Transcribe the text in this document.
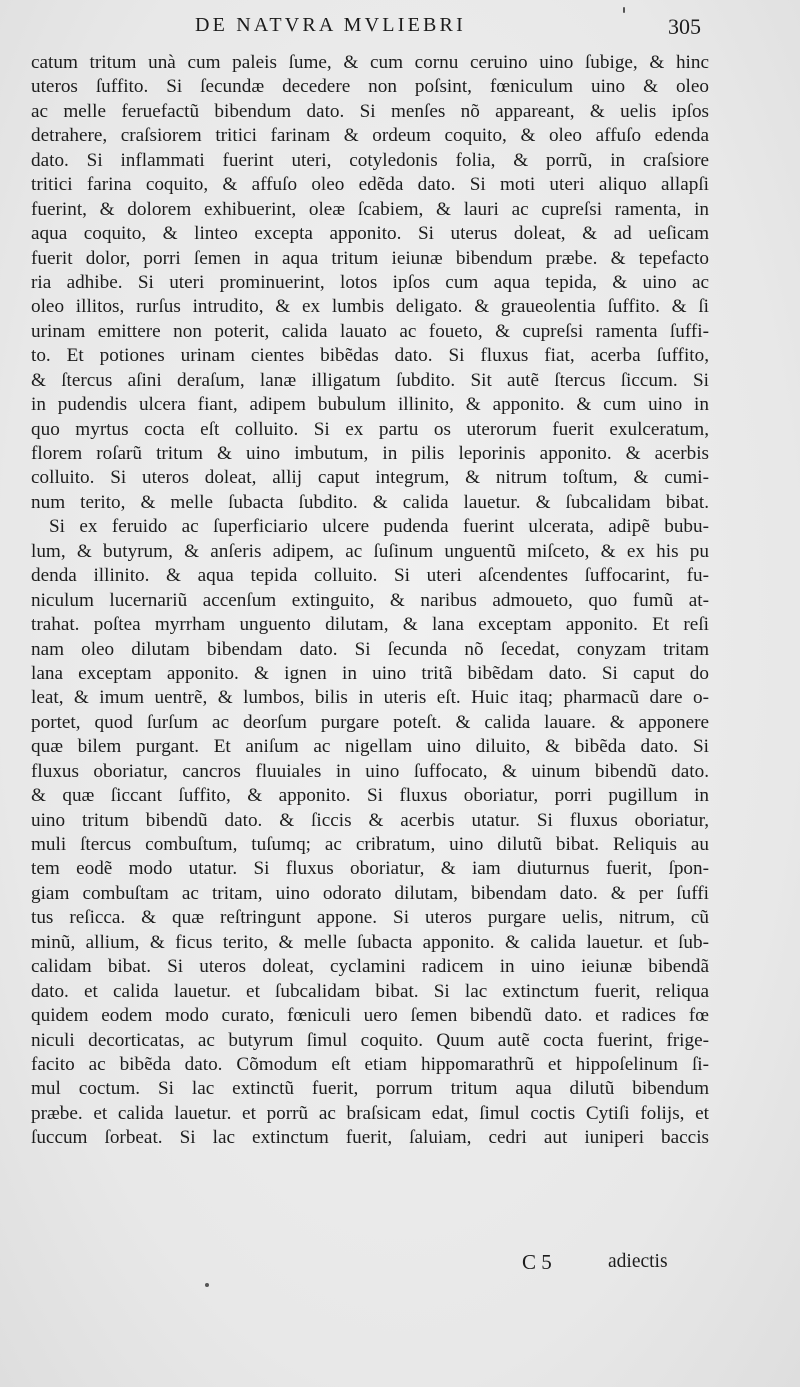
DE NATVRA MVLIEBRI	305
catum tritum unà cum paleis ſume, & cum cornu ceruino uino ſubige, & hinc
uteros ſuffito. Si ſecundæ decedere non poſsint, fœniculum uino & oleo
ac melle feruefactũ bibendum dato. Si menſes nõ appareant, & uelis ipſos
detrahere, craſsiorem tritici farinam & ordeum coquito, & oleo affuſo edenda
dato. Si inflammati fuerint uteri, cotyledonis folia, & porrũ, in craſsiore
tritici farina coquito, & affuſo oleo edẽda dato. Si moti uteri aliquo allapſi
fuerint, & dolorem exhibuerint, oleæ ſcabiem, & lauri ac cupreſsi ramenta, in
aqua coquito, & linteo excepta apponito. Si uterus doleat, & ad ueſicam
fuerit dolor, porri ſemen in aqua tritum ieiunæ bibendum præbe. & tepefacto
ria adhibe. Si uteri prominuerint, lotos ipſos cum aqua tepida, & uino ac
oleo illitos, rurſus intrudito, & ex lumbis deligato. & graueolentia ſuffito. & ſi
urinam emittere non poterit, calida lauato ac foueto, & cupreſsi ramenta ſuffi-
to. Et potiones urinam cientes bibẽdas dato. Si fluxus fiat, acerba ſuffito,
& ſtercus aſini deraſum, lanæ illigatum ſubdito. Sit autẽ ſtercus ſiccum. Si
in pudendis ulcera fiant, adipem bubulum illinito, & apponito. & cum uino in
quo myrtus cocta eſt colluito. Si ex partu os uterorum fuerit exulceratum,
florem roſarũ tritum & uino imbutum, in pilis leporinis apponito. & acerbis
colluito. Si uteros doleat, allij caput integrum, & nitrum toſtum, & cumi-
num terito, & melle ſubacta ſubdito. & calida lauetur. & ſubcalidam bibat.
Si ex feruido ac ſuperficiario ulcere pudenda fuerint ulcerata, adipẽ bubu-
lum, & butyrum, & anſeris adipem, ac ſuſinum unguentũ miſceto, & ex his pu
denda illinito. & aqua tepida colluito. Si uteri aſcendentes ſuffocarint, fu-
niculum lucernariũ accenſum extinguito, & naribus admoueto, quo fumũ at-
trahat. poſtea myrrham unguento dilutam, & lana exceptam apponito. Et reſi
nam oleo dilutam bibendam dato. Si ſecunda nõ ſecedat, conyzam tritam
lana exceptam apponito. & ignen in uino tritã bibẽdam dato. Si caput do
leat, & imum uentrẽ, & lumbos, bilis in uteris eſt. Huic itaq; pharmacũ dare o-
portet, quod ſurſum ac deorſum purgare poteſt. & calida lauare. & apponere
quæ bilem purgant. Et aniſum ac nigellam uino diluito, & bibẽda dato. Si
fluxus oboriatur, cancros fluuiales in uino ſuffocato, & uinum bibendũ dato.
& quæ ſiccant ſuffito, & apponito. Si fluxus oboriatur, porri pugillum in
uino tritum bibendũ dato. & ſiccis & acerbis utatur. Si fluxus oboriatur,
muli ſtercus combuſtum, tuſumq; ac cribratum, uino dilutũ bibat. Reliquis au
tem eodẽ modo utatur. Si fluxus oboriatur, & iam diuturnus fuerit, ſpon-
giam combuſtam ac tritam, uino odorato dilutam, bibendam dato. & per ſuffi
tus reſicca. & quæ reſtringunt appone. Si uteros purgare uelis, nitrum, cũ
minũ, allium, & ficus terito, & melle ſubacta apponito. & calida lauetur. et ſub-
calidam bibat. Si uteros doleat, cyclamini radicem in uino ieiunæ bibendã
dato. et calida lauetur. et ſubcalidam bibat. Si lac extinctum fuerit, reliqua
quidem eodem modo curato, fœniculi uero ſemen bibendũ dato. et radices fœ
niculi decorticatas, ac butyrum ſimul coquito. Quum autẽ cocta fuerint, frige-
facito ac bibẽda dato. Cõmodum eſt etiam hippomarathrũ et hippoſelinum ſi-
mul coctum. Si lac extinctũ fuerit, porrum tritum aqua dilutũ bibendum
præbe. et calida lauetur. et porrũ ac braſsicam edat, ſimul coctis Cytiſi folijs, et
ſuccum ſorbeat. Si lac extinctum fuerit, ſaluiam, cedri aut iuniperi baccis
C 5	adiectis
